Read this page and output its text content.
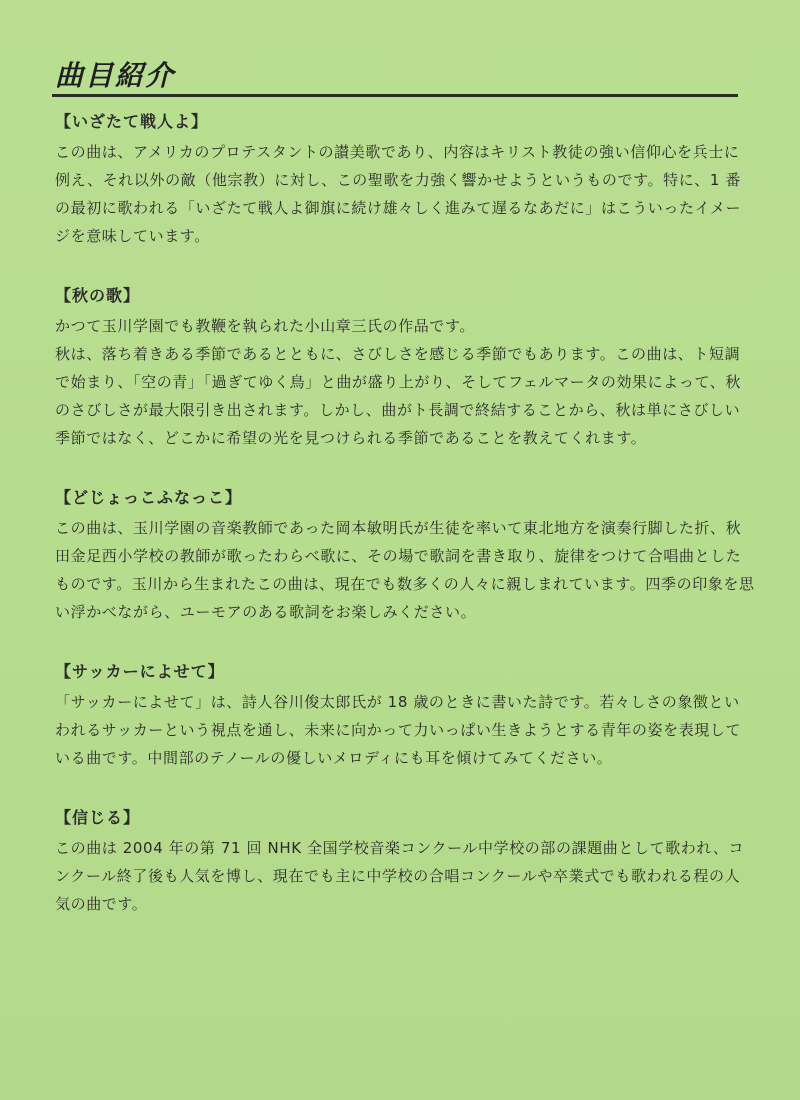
曲目紹介
【いざたて戦人よ】

この曲は、アメリカのプロテスタントの讃美歌であり、内容はキリスト教徒の強い信仰心を兵士に例え、それ以外の敵（他宗教）に対し、この聖歌を力強く響かせようというものです。特に、1 番の最初に歌われる「いざたて戦人よ御旗に続け雄々しく進みて遅るなあだに」はこういったイメージを意味しています。

【秋の歌】

かつて玉川学園でも教鞭を執られた小山章三氏の作品です。

秋は、落ち着きある季節であるとともに、さびしさを感じる季節でもあります。この曲は、ト短調で始まり、「空の青」「過ぎてゆく鳥」と曲が盛り上がり、そしてフェルマータの効果によって、秋のさびしさが最大限引き出されます。しかし、曲がト長調で終結することから、秋は単にさびしい季節ではなく、どこかに希望の光を見つけられる季節であることを教えてくれます。

【どじょっこふなっこ】

この曲は、玉川学園の音楽教師であった岡本敏明氏が生徒を率いて東北地方を演奏行脚した折、秋田金足西小学校の教師が歌ったわらべ歌に、その場で歌詞を書き取り、旋律をつけて合唱曲としたものです。玉川から生まれたこの曲は、現在でも数多くの人々に親しまれています。四季の印象を思い浮かべながら、ユーモアのある歌詞をお楽しみください。

【サッカーによせて】

「サッカーによせて」は、詩人谷川俊太郎氏が 18 歳のときに書いた詩です。若々しさの象徴といわれるサッカーという視点を通し、未来に向かって力いっぱい生きようとする青年の姿を表現している曲です。中間部のテノールの優しいメロディにも耳を傾けてみてください。

【信じる】

この曲は 2004 年の第 71 回 NHK 全国学校音楽コンクール中学校の部の課題曲として歌われ、コンクール終了後も人気を博し、現在でも主に中学校の合唱コンクールや卒業式でも歌われる程の人気の曲です。
